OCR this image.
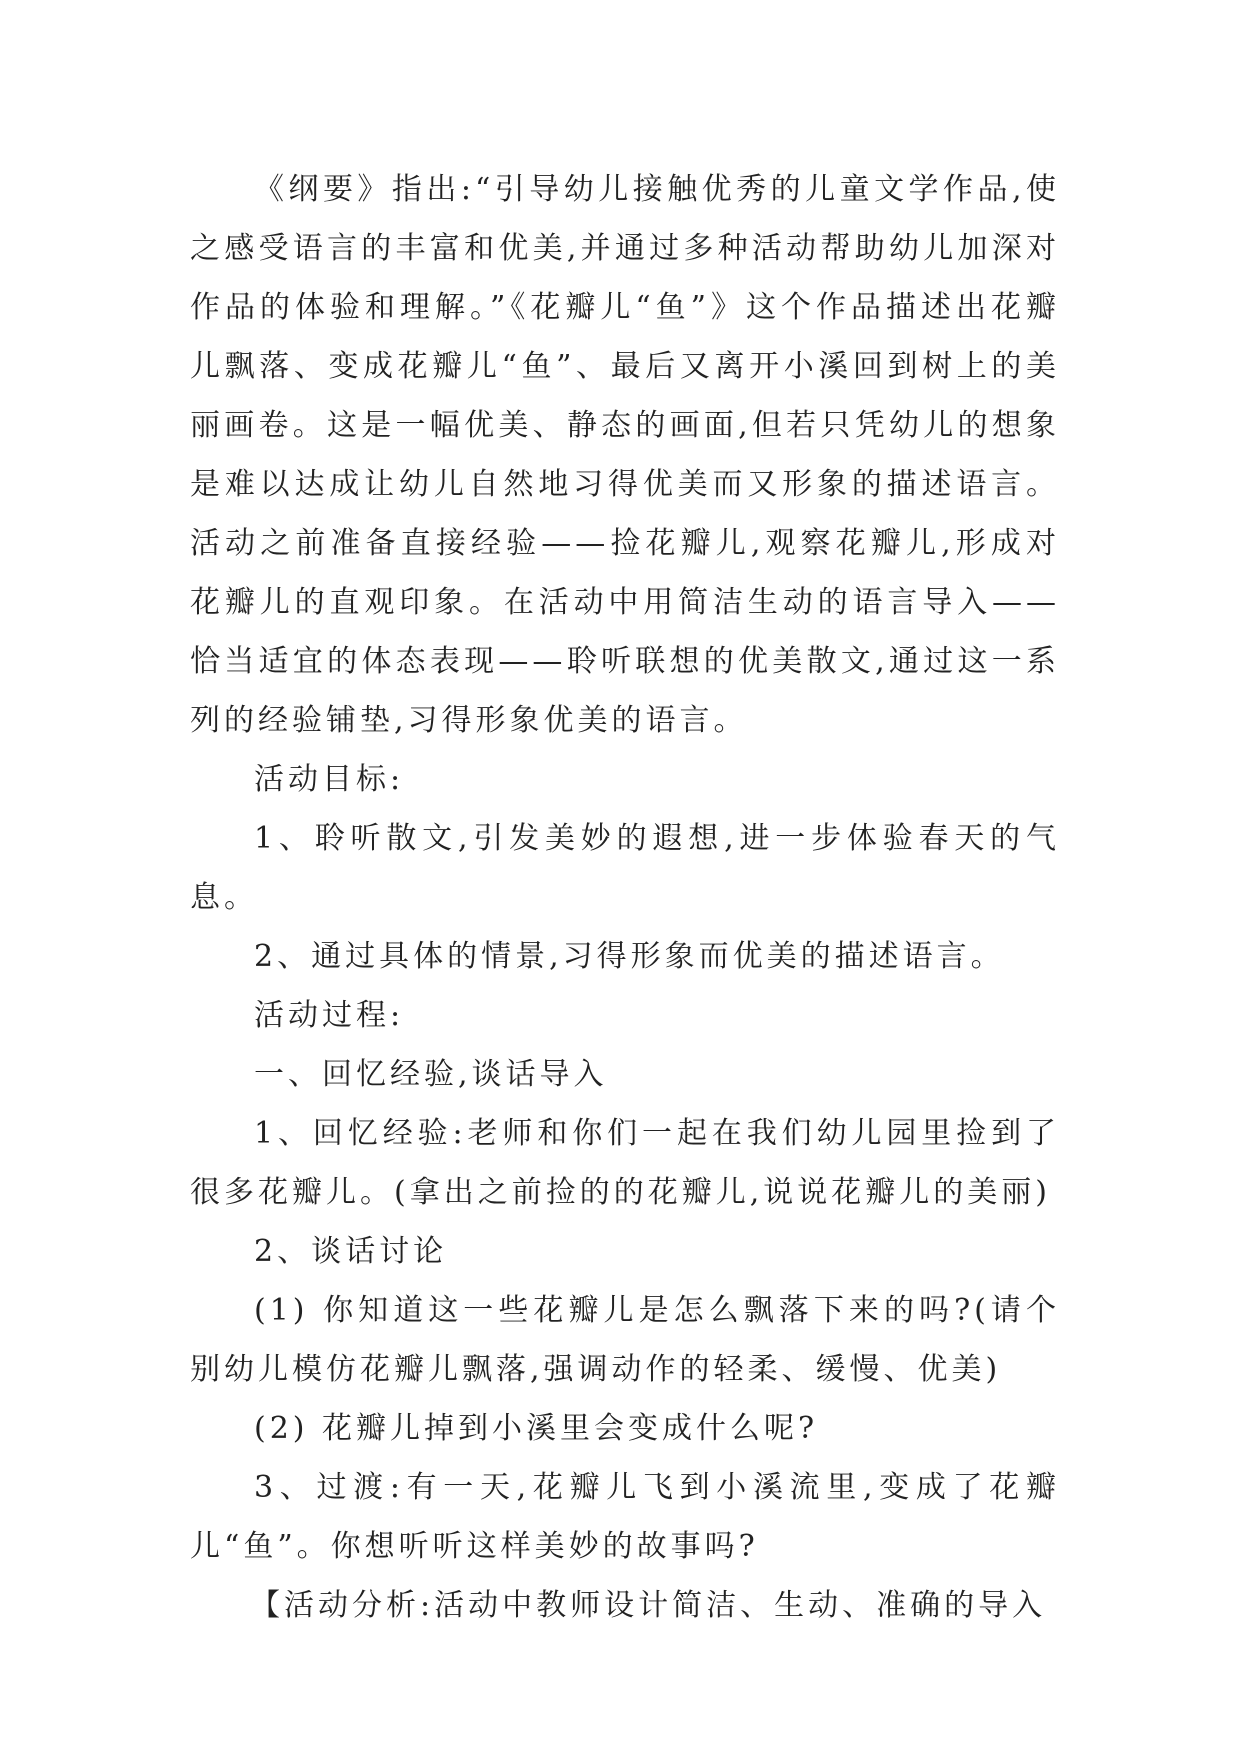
《纲要》指出:“引导幼儿接触优秀的儿童文学作品,使之感受语言的丰富和优美,并通过多种活动帮助幼儿加深对作品的体验和理解。”《花瓣儿“鱼”》这个作品描述出花瓣儿飘落、变成花瓣儿“鱼”、最后又离开小溪回到树上的美丽画卷。这是一幅优美、静态的画面,但若只凭幼儿的想象是难以达成让幼儿自然地习得优美而又形象的描述语言。活动之前准备直接经验——捡花瓣儿,观察花瓣儿,形成对花瓣儿的直观印象。在活动中用简洁生动的语言导入——恰当适宜的体态表现——聆听联想的优美散文,通过这一系列的经验铺垫,习得形象优美的语言。

活动目标:

1、聆听散文,引发美妙的遐想,进一步体验春天的气息。

2、通过具体的情景,习得形象而优美的描述语言。

活动过程:

一、回忆经验,谈话导入

1、回忆经验:老师和你们一起在我们幼儿园里捡到了很多花瓣儿。(拿出之前捡的的花瓣儿,说说花瓣儿的美丽)

2、谈话讨论

(1) 你知道这一些花瓣儿是怎么飘落下来的吗?(请个别幼儿模仿花瓣儿飘落,强调动作的轻柔、缓慢、优美)

(2) 花瓣儿掉到小溪里会变成什么呢?

3、过渡:有一天,花瓣儿飞到小溪流里,变成了花瓣儿“鱼”。你想听听这样美妙的故事吗?

【活动分析:活动中教师设计简洁、生动、准确的导入
